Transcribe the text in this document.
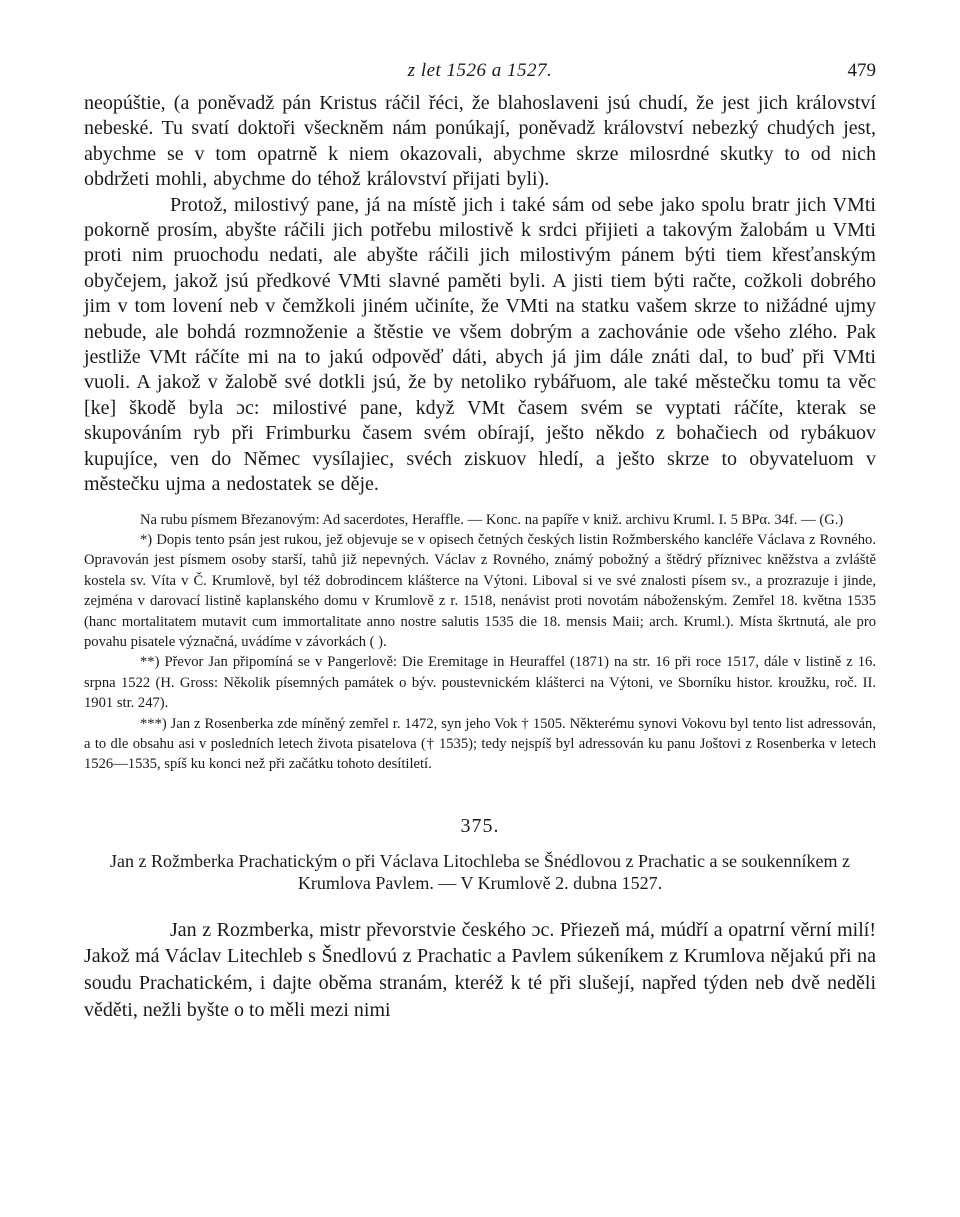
z let 1526 a 1527.	479

neopúštie, (a poněvadž pán Kristus ráčil řéci, že blahoslaveni jsú chudí, že jest jich království nebeské. Tu svatí doktoři všeckněm nám ponúkají, poněvadž království nebezký chudých jest, abychme se v tom opatrně k niem okazovali, abychme skrze milosrdné skutky to od nich obdržeti mohli, abychme do téhož království přijati byli).

Protož, milostivý pane, já na místě jich i také sám od sebe jako spolu bratr jich VMti pokorně prosím, abyšte ráčili jich potřebu milostivě k srdci přijieti a takovým žalobám u VMti proti nim pruochodu nedati, ale abyšte ráčili jich milostivým pánem býti tiem křesťanským obyčejem, jakož jsú předkové VMti slavné paměti byli. A jisti tiem býti račte, cožkoli dobrého jim v tom lovení neb v čemžkoli jiném učiníte, že VMti na statku vašem skrze to nižádné ujmy nebude, ale bohdá rozmnoženie a štěstie ve všem dobrým a zachovánie ode všeho zlého. Pak jestliže VMt ráčíte mi na to jakú odpověď dáti, abych já jim dále znáti dal, to buď při VMti vuoli. A jakož v žalobě své dotkli jsú, že by netoliko rybářuom, ale také městečku tomu ta věc [ke] škodě byla ɔc: milostivé pane, když VMt časem svém se vyptati ráčíte, kterak se skupováním ryb při Frimburku časem svém obírají, ješto někdo z bohačiech od rybákuov kupujíce, ven do Němec vysílajiec, svéch ziskuov hledí, a ješto skrze to obyvateluom v městečku ujma a nedostatek se děje.

Na rubu písmem Březanovým: Ad sacerdotes, Heraffle. — Konc. na papíře v kniž. archivu Kruml. I. 5 BPα. 34f. — (G.)

*) Dopis tento psán jest rukou, jež objevuje se v opisech četných českých listin Rožmberského kancléře Václava z Rovného. Opravován jest písmem osoby starší, tahů již nepevných. Václav z Rovného, známý pobožný a štědrý příznivec kněžstva a zvláště kostela sv. Víta v Č. Krumlově, byl též dobrodincem klášterce na Výtoni. Liboval si ve své znalosti písem sv., a prozrazuje i jinde, zejména v darovací listině kaplanského domu v Krumlově z r. 1518, nenávist proti novotám náboženským. Zemřel 18. května 1535 (hanc mortalitatem mutavit cum immortalitate anno nostre salutis 1535 die 18. mensis Maii; arch. Kruml.). Místa škrtnutá, ale pro povahu pisatele význačná, uvádíme v závorkách ( ).

**) Převor Jan připomíná se v Pangerlově: Die Eremitage in Heuraffel (1871) na str. 16 při roce 1517, dále v listině z 16. srpna 1522 (H. Gross: Několik písemných památek o býv. poustevnickém klášterci na Výtoni, ve Sborníku histor. kroužku, roč. II. 1901 str. 247).

***) Jan z Rosenberka zde míněný zemřel r. 1472, syn jeho Vok † 1505. Některému synovi Vokovu byl tento list adressován, a to dle obsahu asi v posledních letech života pisatelova († 1535); tedy nejspíš byl adressován ku panu Joštovi z Rosenberka v letech 1526—1535, spíš ku konci než při začátku tohoto desítiletí.

375.
Jan z Rožmberka Prachatickým o při Václava Litochleba se Šnédlovou z Prachatic a se soukenníkem z Krumlova Pavlem. — V Krumlově 2. dubna 1527.

Jan z Rozmberka, mistr převorstvie českého ɔc. Přiezeň má, múdří a opatrní věrní milí! Jakož má Václav Litechleb s Šnedlovú z Prachatic a Pavlem súkeníkem z Krumlova nějakú při na soudu Prachatickém, i dajte oběma stranám, kteréž k té při slušejí, napřed týden neb dvě neděli věděti, nežli byšte o to měli mezi nimi
